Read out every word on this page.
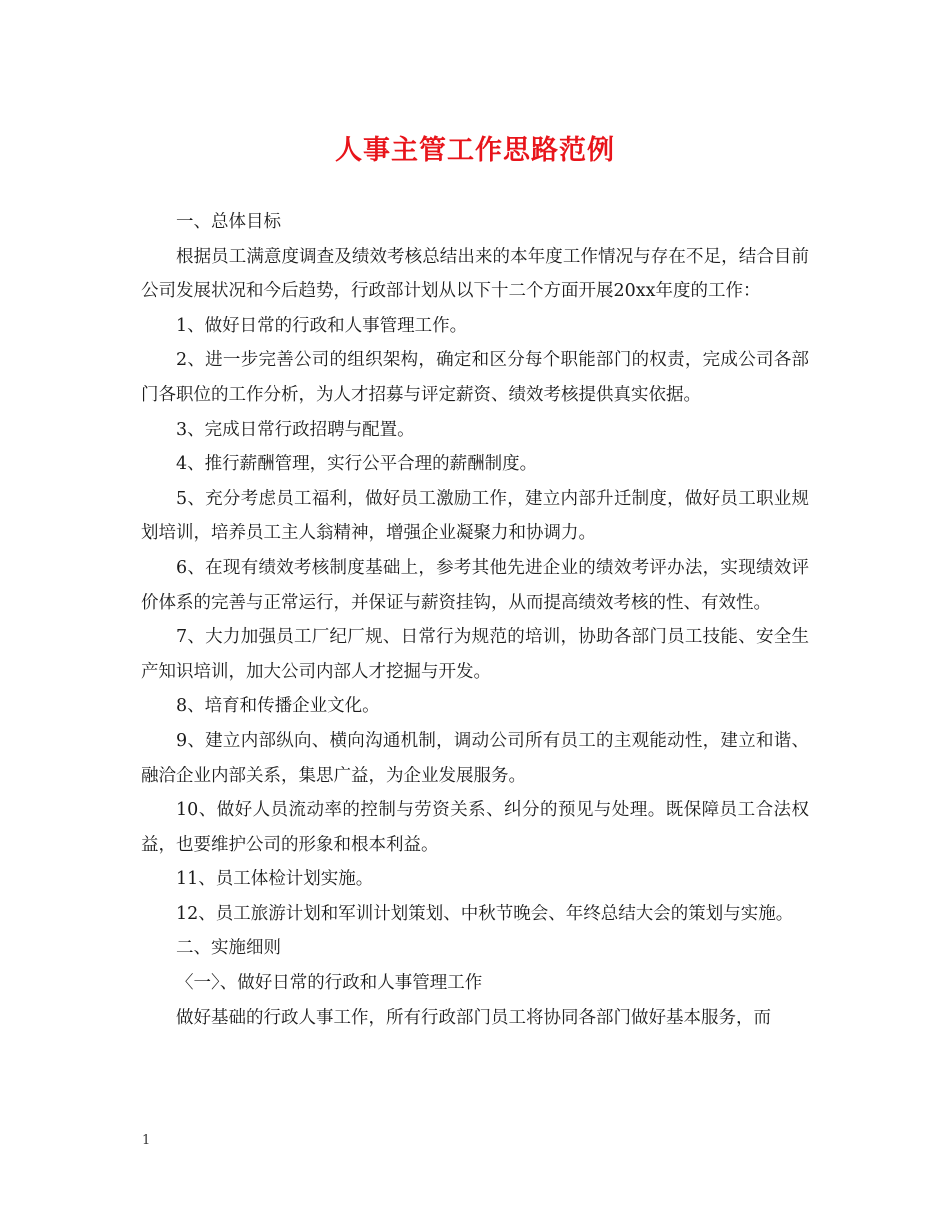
人事主管工作思路范例

一、总体目标

根据员工满意度调查及绩效考核总结出来的本年度工作情况与存在不足，结合目前公司发展状况和今后趋势，行政部计划从以下十二个方面开展20xx年度的工作：

1、做好日常的行政和人事管理工作。

2、进一步完善公司的组织架构，确定和区分每个职能部门的权责，完成公司各部门各职位的工作分析，为人才招募与评定薪资、绩效考核提供真实依据。

3、完成日常行政招聘与配置。

4、推行薪酬管理，实行公平合理的薪酬制度。

5、充分考虑员工福利，做好员工激励工作，建立内部升迁制度，做好员工职业规划培训，培养员工主人翁精神，增强企业凝聚力和协调力。

6、在现有绩效考核制度基础上，参考其他先进企业的绩效考评办法，实现绩效评价体系的完善与正常运行，并保证与薪资挂钩，从而提高绩效考核的性、有效性。

7、大力加强员工厂纪厂规、日常行为规范的培训，协助各部门员工技能、安全生产知识培训，加大公司内部人才挖掘与开发。

8、培育和传播企业文化。

9、建立内部纵向、横向沟通机制，调动公司所有员工的主观能动性，建立和谐、融洽企业内部关系，集思广益，为企业发展服务。

10、做好人员流动率的控制与劳资关系、纠分的预见与处理。既保障员工合法权益，也要维护公司的形象和根本利益。

11、员工体检计划实施。

12、员工旅游计划和军训计划策划、中秋节晚会、年终总结大会的策划与实施。

二、实施细则

〈一〉、做好日常的行政和人事管理工作

做好基础的行政人事工作，所有行政部门员工将协同各部门做好基本服务，而

1
